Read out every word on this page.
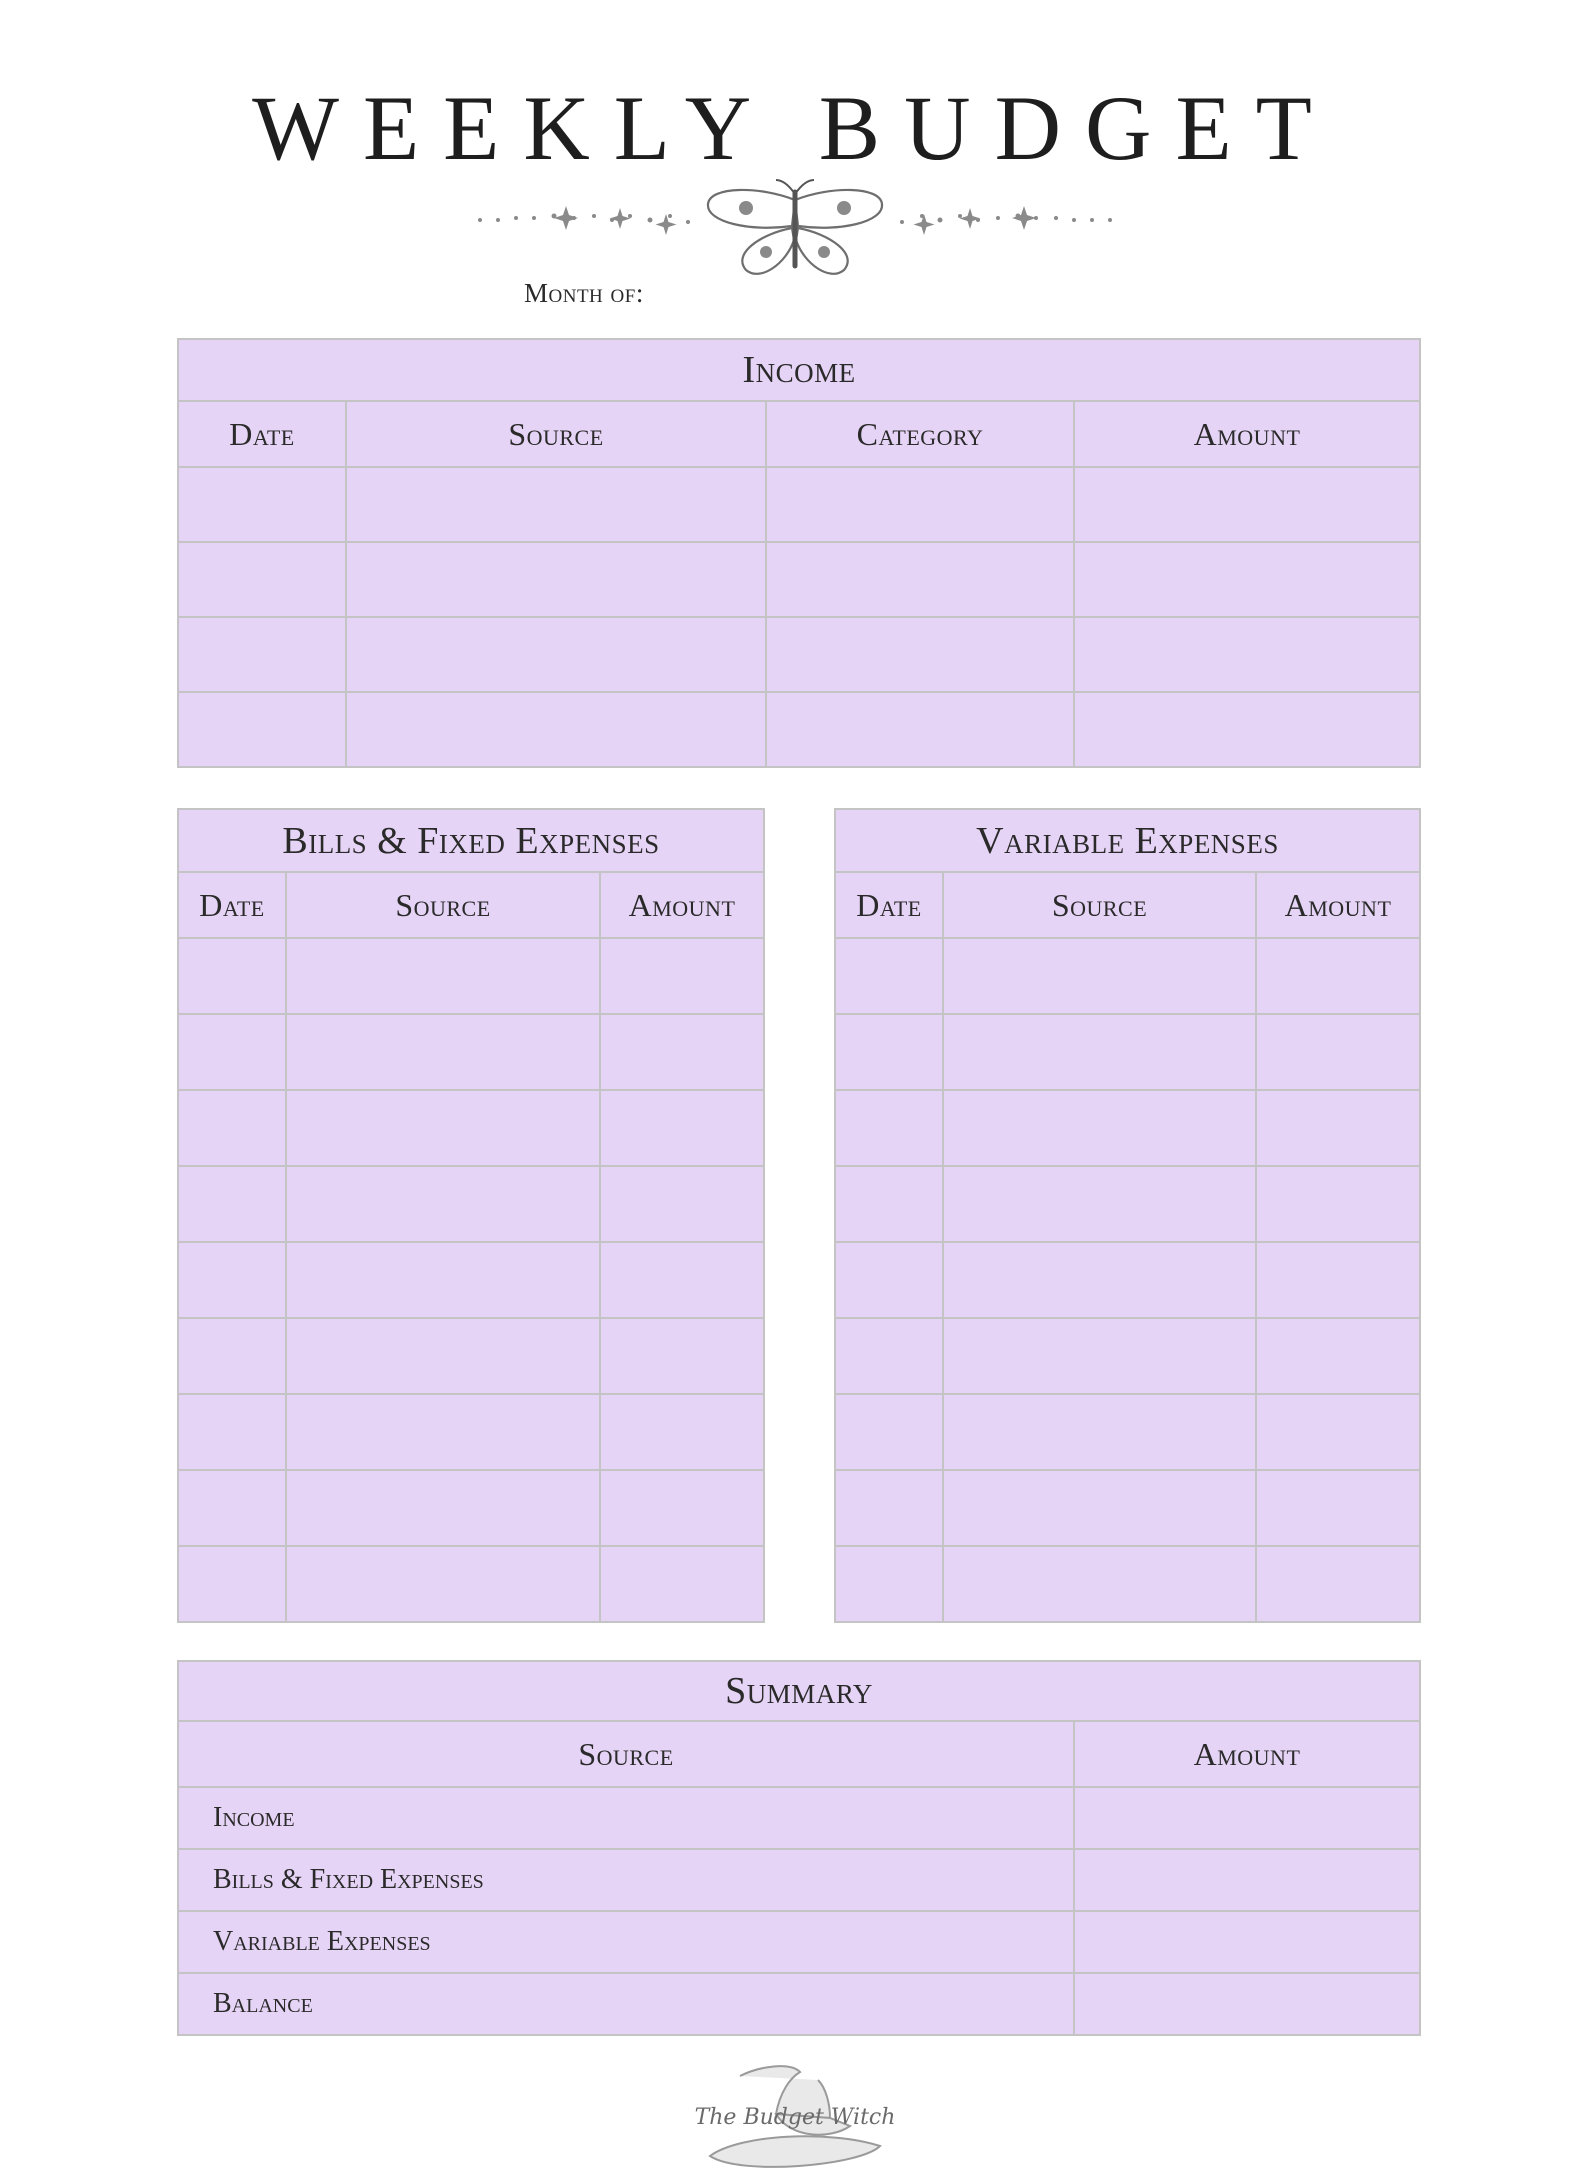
WEEKLY BUDGET
Month of:
Income			
Date	Source	Category	Amount

Bills & Fixed Expenses		
Date	Source	Amount

Variable Expenses		
Date	Source	Amount

Summary	
Source	Amount
Income	
Bills & Fixed Expenses	
Variable Expenses	
Balance	
The Budget Witch
